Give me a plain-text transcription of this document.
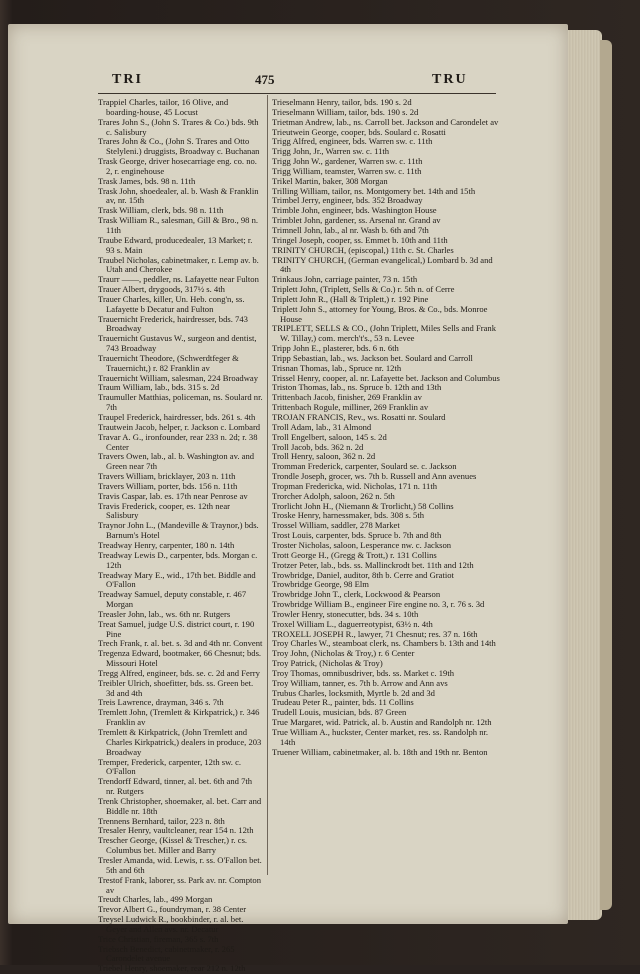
TRI	475	TRU

Trappiel Charles, tailor, 16 Olive, and boarding-house, 45 Locust

Trares John S., (John S. Trares & Co.) bds. 9th c. Salisbury

Trares John & Co., (John S. Trares and Otto Stelyleni.) druggists, Broadway c. Buchanan

Trask George, driver hosecarriage eng. co. no. 2, r. enginehouse

Trask James, bds. 98 n. 11th

Trask John, shoedealer, al. b. Wash & Franklin av, nr. 15th

Trask William, clerk, bds. 98 n. 11th

Trask William R., salesman, Gill & Bro., 98 n. 11th

Traube Edward, producedealer, 13 Market; r. 93 s. Main

Traubel Nicholas, cabinetmaker, r. Lemp av. b. Utah and Cherokee

Traurr ——, peddler, ns. Lafayette near Fulton

Trauer Albert, drygoods, 317½ s. 4th

Trauer Charles, killer, Un. Heb. cong'n, ss. Lafayette b Decatur and Fulton

Trauernicht Frederick, hairdresser, bds. 743 Broadway

Trauernicht Gustavus W., surgeon and dentist, 743 Broadway

Trauernicht Theodore, (Schwerdtfeger & Trauernicht,) r. 82 Franklin av

Trauernicht William, salesman, 224 Broadway

Traum William, lab., bds. 315 s. 2d

Traumuller Matthias, policeman, ns. Soulard nr. 7th

Traupel Frederick, hairdresser, bds. 261 s. 4th

Trautwein Jacob, helper, r. Jackson c. Lombard

Travar A. G., ironfounder, rear 233 n. 2d; r. 38 Center

Travers Owen, lab., al. b. Washington av. and Green near 7th

Travers William, bricklayer, 203 n. 11th

Travers William, porter, bds. 156 n. 11th

Travis Caspar, lab. es. 17th near Penrose av

Travis Frederick, cooper, es. 12th near Salisbury

Traynor John L., (Mandeville & Traynor,) bds. Barnum's Hotel

Treadway Henry, carpenter, 180 n. 14th

Treadway Lewis D., carpenter, bds. Morgan c. 12th

Treadway Mary E., wid., 17th bet. Biddle and O'Fallon

Treadway Samuel, deputy constable, r. 467 Morgan

Treasler John, lab., ws. 6th nr. Rutgers

Treat Samuel, judge U.S. district court, r. 190 Pine

Trech Frank, r. al. bet. s. 3d and 4th nr. Convent

Tregenza Edward, bootmaker, 66 Chesnut; bds. Missouri Hotel

Tregg Alfred, engineer, bds. se. c. 2d and Ferry

Treibler Ulrich, shoefitter, bds. ss. Green bet. 3d and 4th

Treis Lawrence, drayman, 346 s. 7th

Tremlett John, (Tremlett & Kirkpatrick,) r. 346 Franklin av

Tremlett & Kirkpatrick, (John Tremlett and Charles Kirkpatrick,) dealers in produce, 203 Broadway

Tremper, Frederick, carpenter, 12th sw. c. O'Fallon

Trendorff Edward, tinner, al. bet. 6th and 7th nr. Rutgers

Trenk Christopher, shoemaker, al. bet. Carr and Biddle nr. 18th

Trennens Bernhard, tailor, 223 n. 8th

Tresaler Henry, vaultcleaner, rear 154 n. 12th

Trescher George, (Kissel & Trescher,) r. cs. Columbus bet. Miller and Barry

Tresler Amanda, wid. Lewis, r. ss. O'Fallon bet. 5th and 6th

Trestof Frank, laborer, ss. Park av. nr. Compton av

Treudt Charles, lab., 499 Morgan

Trevor Albert G., foundryman, r. 38 Center

Treysel Ludwick R., bookbinder, r. al. bet. Geyer and Allen avs. nr. Decatur

Trice Christian, fireman, 365 s. 7th

Triebsch Benedict, cabinetmaker, r. 265 Carondelet avenue

Triebel Henry, shoemaker, rear 212 n. 12th

Trieselmann Henry, tailor, bds. 190 s. 2d

Trieselmann William, tailor, bds. 190 s. 2d

Trietman Andrew, lab., ns. Carroll bet. Jackson and Carondelet av

Trieutwein George, cooper, bds. Soulard c. Rosatti

Trigg Alfred, engineer, bds. Warren sw. c. 11th

Trigg John, Jr., Warren sw. c. 11th

Trigg John W., gardener, Warren sw. c. 11th

Trigg William, teamster, Warren sw. c. 11th

Trikel Martin, baker, 308 Morgan

Trilling William, tailor, ns. Montgomery bet. 14th and 15th

Trimbel Jerry, engineer, bds. 352 Broadway

Trimble John, engineer, bds. Washington House

Trimblet John, gardener, ss. Arsenal nr. Grand av

Trimnell John, lab., al nr. Wash b. 6th and 7th

Tringel Joseph, cooper, ss. Emmet b. 10th and 11th

TRINITY CHURCH, (episcopal,) 11th c. St. Charles

TRINITY CHURCH, (German evangelical,) Lombard b. 3d and 4th

Trinkaus John, carriage painter, 73 n. 15th

Triplett John, (Triplett, Sells & Co.) r. 5th n. of Cerre

Triplett John R., (Hall & Triplett,) r. 192 Pine

Triplett John S., attorney for Young, Bros. & Co., bds. Monroe House

TRIPLETT, SELLS & CO., (John Triplett, Miles Sells and Frank W. Tillay,) com. merch't's., 53 n. Levee

Tripp John E., plasterer, bds. 6 n. 6th

Tripp Sebastian, lab., ws. Jackson bet. Soulard and Carroll

Trisnan Thomas, lab., Spruce nr. 12th

Trissel Henry, cooper, al. nr. Lafayette bet. Jackson and Columbus

Triston Thomas, lab., ns. Spruce b. 12th and 13th

Trittenbach Jacob, finisher, 269 Franklin av

Trittenbach Rogule, milliner, 269 Franklin av

TROJAN FRANCIS, Rev., ws. Rosatti nr. Soulard

Troll Adam, lab., 31 Almond

Troll Engelbert, saloon, 145 s. 2d

Troll Jacob, bds. 362 n. 2d

Troll Henry, saloon, 362 n. 2d

Tromman Frederick, carpenter, Soulard se. c. Jackson

Trondle Joseph, grocer, ws. 7th b. Russell and Ann avenues

Tropman Fredericka, wid. Nicholas, 171 n. 11th

Trorcher Adolph, saloon, 262 n. 5th

Trorlicht John H., (Niemann & Trorlicht,) 58 Collins

Troske Henry, harnessmaker, bds. 308 s. 5th

Trossel William, saddler, 278 Market

Trost Louis, carpenter, bds. Spruce b. 7th and 8th

Troster Nicholas, saloon, Lesperance nw. c. Jackson

Trott George H., (Gregg & Trott,) r. 131 Collins

Trotzer Peter, lab., bds. ss. Mallinckrodt bet. 11th and 12th

Trowbridge, Daniel, auditor, 8th b. Cerre and Gratiot

Trowbridge George, 98 Elm

Trowbridge John T., clerk, Lockwood & Pearson

Trowbridge William B., engineer Fire engine no. 3, r. 76 s. 3d

Trowler Henry, stonecutter, bds. 34 s. 10th

Troxel William L., daguerreotypist, 63½ n. 4th

TROXELL JOSEPH R., lawyer, 71 Chesnut; res. 37 n. 16th

Troy Charles W., steamboat clerk, ns. Chambers b. 13th and 14th

Troy John, (Nicholas & Troy,) r. 6 Center

Troy Patrick, (Nicholas & Troy)

Troy Thomas, omnibusdriver, bds. ss. Market c. 19th

Troy William, tanner, es. 7th b. Arrow and Ann avs

Trubus Charles, locksmith, Myrtle b. 2d and 3d

Trudeau Peter R., painter, bds. 11 Collins

Trudell Louis, musician, bds. 87 Green

True Margaret, wid. Patrick, al. b. Austin and Randolph nr. 12th

True William A., huckster, Center market, res. ss. Randolph nr. 14th

Truener William, cabinetmaker, al. b. 18th and 19th nr. Benton
